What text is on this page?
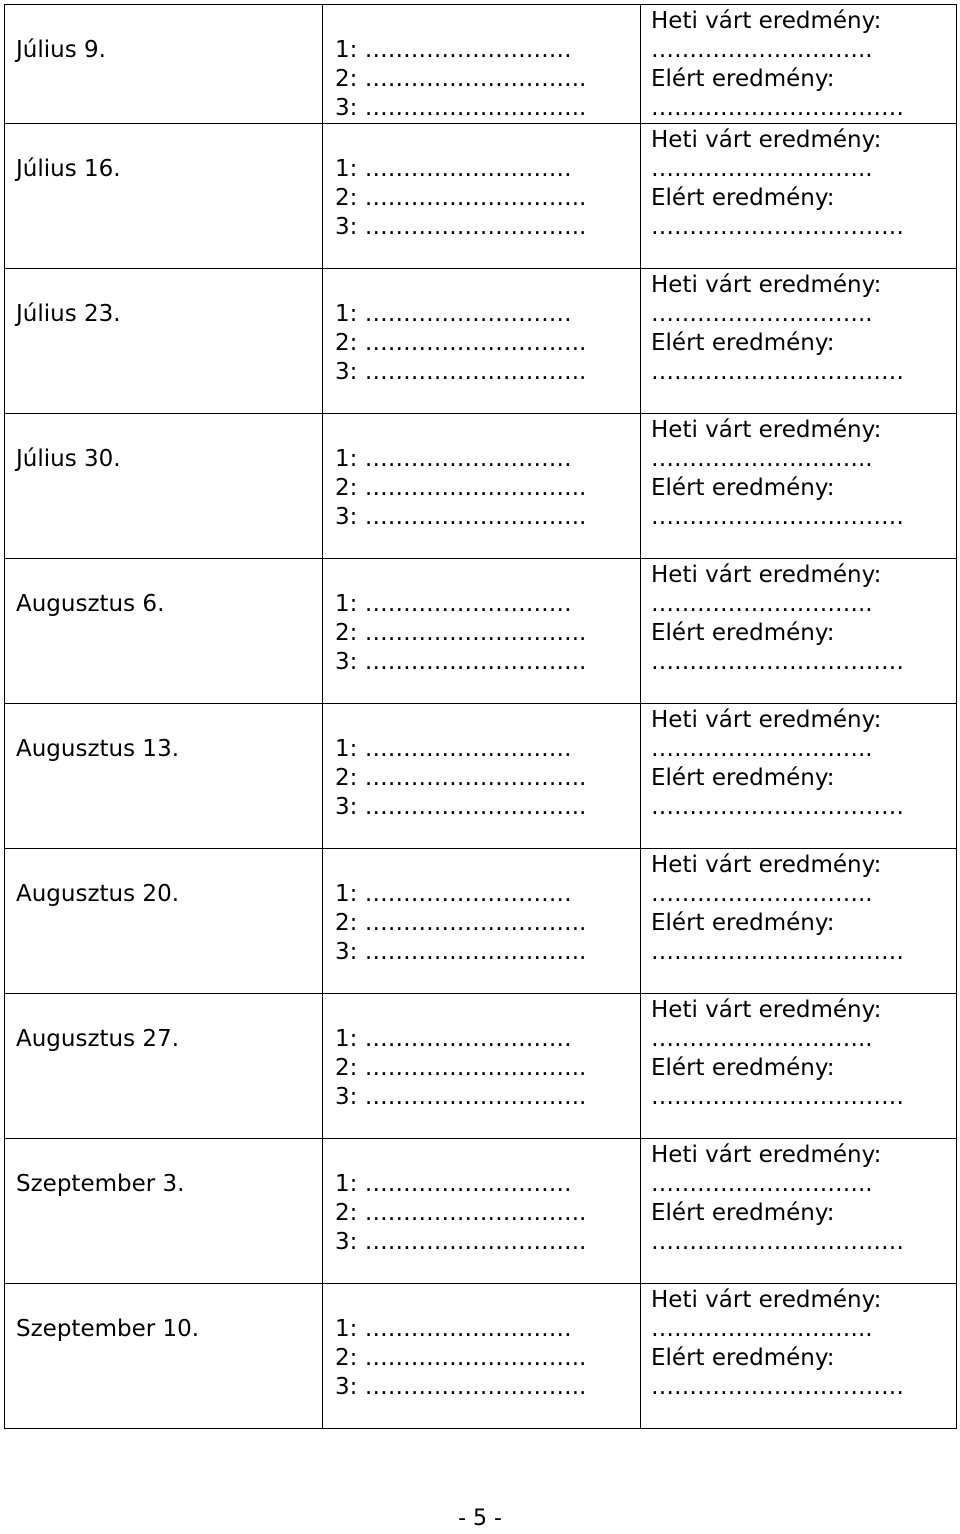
Július 9.	1: ………………………
2: ………………………..
3: ………………………..	Heti várt eredmény:
………………………..
Elért eredmény:
……………………………

Július 16.	1: ………………………
2: ………………………..
3: ………………………..	Heti várt eredmény:
………………………..
Elért eredmény:
……………………………

Július 23.	1: ………………………
2: ………………………..
3: ………………………..	Heti várt eredmény:
………………………..
Elért eredmény:
……………………………

Július 30.	1: ………………………
2: ………………………..
3: ………………………..	Heti várt eredmény:
………………………..
Elért eredmény:
……………………………

Augusztus 6.	1: ………………………
2: ………………………..
3: ………………………..	Heti várt eredmény:
………………………..
Elért eredmény:
……………………………

Augusztus 13.	1: ………………………
2: ………………………..
3: ………………………..	Heti várt eredmény:
………………………..
Elért eredmény:
……………………………

Augusztus 20.	1: ………………………
2: ………………………..
3: ………………………..	Heti várt eredmény:
………………………..
Elért eredmény:
……………………………

Augusztus 27.	1: ………………………
2: ………………………..
3: ………………………..	Heti várt eredmény:
………………………..
Elért eredmény:
……………………………

Szeptember 3.	1: ………………………
2: ………………………..
3: ………………………..	Heti várt eredmény:
………………………..
Elért eredmény:
……………………………

Szeptember 10.	1: ………………………
2: ………………………..
3: ………………………..	Heti várt eredmény:
………………………..
Elért eredmény:
……………………………
- 5 -
